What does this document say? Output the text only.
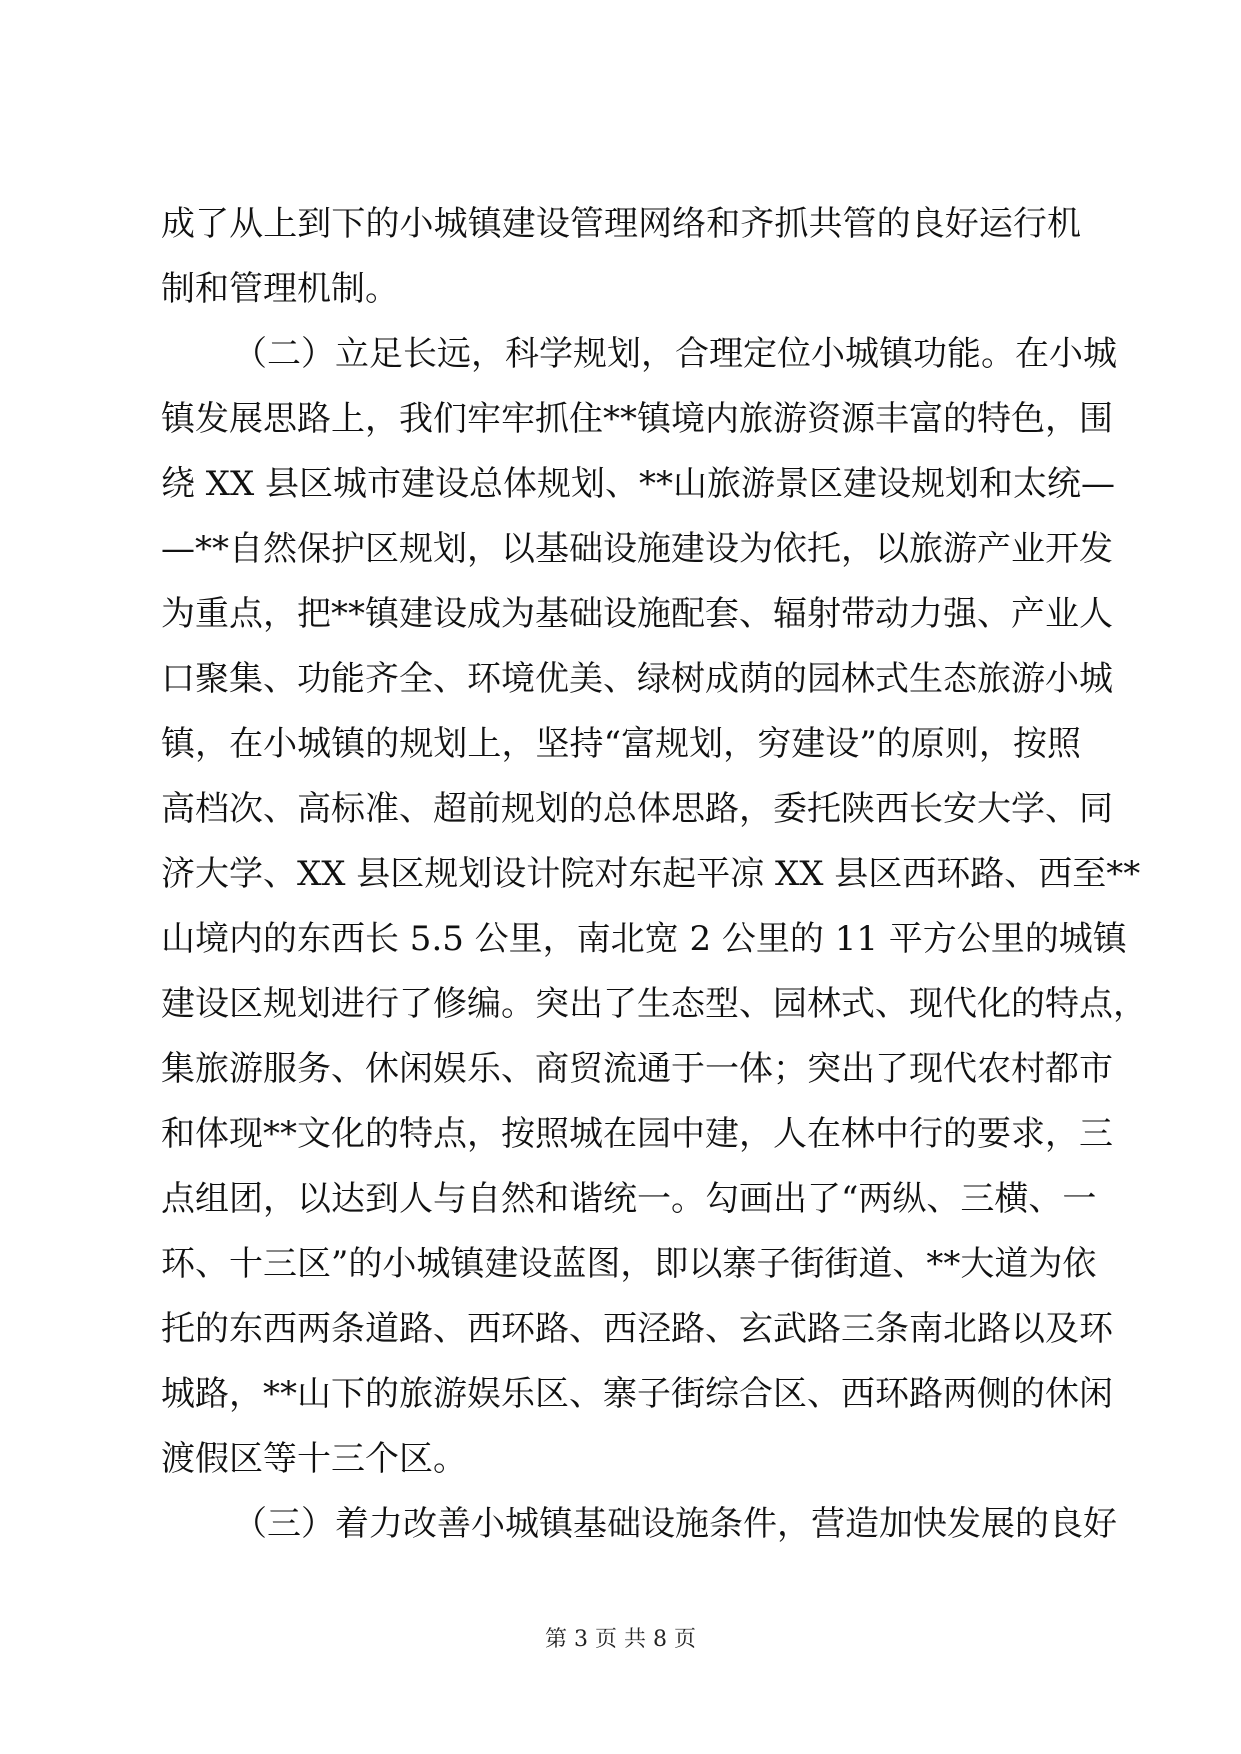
成了从上到下的小城镇建设管理网络和齐抓共管的良好运行机
制和管理机制。
（二）立足长远，科学规划，合理定位小城镇功能。在小城
镇发展思路上，我们牢牢抓住**镇境内旅游资源丰富的特色，围
绕 XX 县区城市建设总体规划、**山旅游景区建设规划和太统—
—**自然保护区规划，以基础设施建设为依托，以旅游产业开发
为重点，把**镇建设成为基础设施配套、辐射带动力强、产业人
口聚集、功能齐全、环境优美、绿树成荫的园林式生态旅游小城
镇，在小城镇的规划上，坚持“富规划，穷建设”的原则，按照
高档次、高标准、超前规划的总体思路，委托陕西长安大学、同
济大学、XX 县区规划设计院对东起平凉 XX 县区西环路、西至**
山境内的东西长 5.5 公里，南北宽 2 公里的 11 平方公里的城镇
建设区规划进行了修编。突出了生态型、园林式、现代化的特点，
集旅游服务、休闲娱乐、商贸流通于一体；突出了现代农村都市
和体现**文化的特点，按照城在园中建，人在林中行的要求，三
点组团，以达到人与自然和谐统一。勾画出了“两纵、三横、一
环、十三区”的小城镇建设蓝图，即以寨子街街道、**大道为依
托的东西两条道路、西环路、西泾路、玄武路三条南北路以及环
城路，**山下的旅游娱乐区、寨子街综合区、西环路两侧的休闲
渡假区等十三个区。
（三）着力改善小城镇基础设施条件，营造加快发展的良好
第 3 页 共 8 页
